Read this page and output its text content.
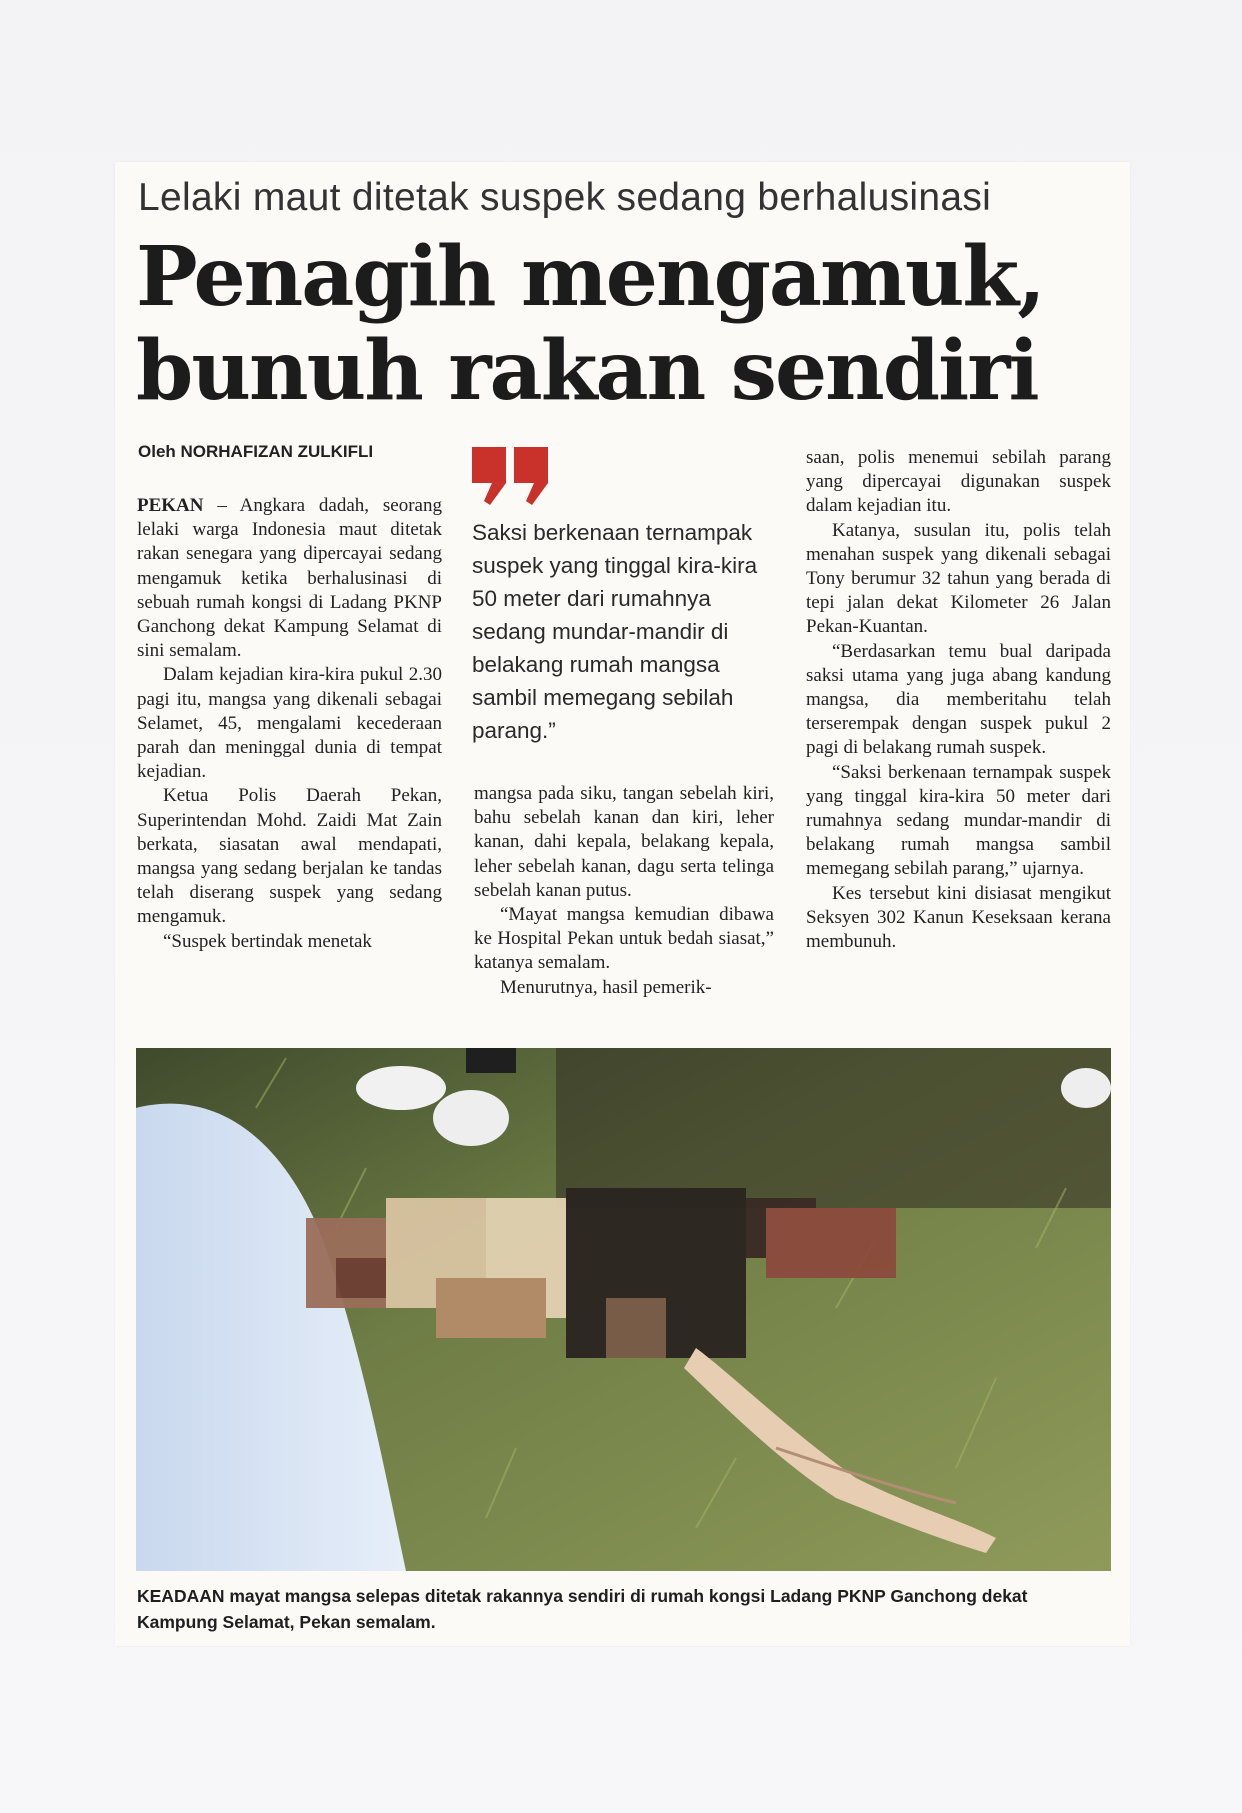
Lelaki maut ditetak suspek sedang berhalusinasi
Penagih mengamuk,
bunuh rakan sendiri
Oleh NORHAFIZAN ZULKIFLI

PEKAN – Angkara dadah, seorang lelaki warga Indonesia maut ditetak rakan senegara yang dipercayai sedang mengamuk ketika berhalusinasi di sebuah rumah kongsi di Ladang PKNP Ganchong dekat Kampung Selamat di sini semalam.

Dalam kejadian kira-kira pukul 2.30 pagi itu, mangsa yang dikenali sebagai Selamet, 45, mengalami kecederaan parah dan meninggal dunia di tempat kejadian.

Ketua Polis Daerah Pekan, Superintendan Mohd. Zaidi Mat Zain berkata, siasatan awal mendapati, mangsa yang sedang berjalan ke tandas telah diserang suspek yang sedang mengamuk.

“Suspek bertindak menetak

Saksi berkenaan ternampak suspek yang tinggal kira-kira 50 meter dari rumahnya sedang mundar-mandir di belakang rumah mangsa sambil memegang sebilah parang.”

mangsa pada siku, tangan sebelah kiri, bahu sebelah kanan dan kiri, leher kanan, dahi kepala, belakang kepala, leher sebelah kanan, dagu serta telinga sebelah kanan putus.

“Mayat mangsa kemudian dibawa ke Hospital Pekan untuk bedah siasat,” katanya semalam.

Menurutnya, hasil pemerik-

saan, polis menemui sebilah parang yang dipercayai digunakan suspek dalam kejadian itu.

Katanya, susulan itu, polis telah menahan suspek yang dikenali sebagai Tony berumur 32 tahun yang berada di tepi jalan dekat Kilometer 26 Jalan Pekan-Kuantan.

“Berdasarkan temu bual daripada saksi utama yang juga abang kandung mangsa, dia memberitahu telah terserempak dengan suspek pukul 2 pagi di belakang rumah suspek.

“Saksi berkenaan ternampak suspek yang tinggal kira-kira 50 meter dari rumahnya sedang mundar-mandir di belakang rumah mangsa sambil memegang sebilah parang,” ujarnya.

Kes tersebut kini disiasat mengikut Seksyen 302 Kanun Keseksaan kerana membunuh.

KEADAAN mayat mangsa selepas ditetak rakannya sendiri di rumah kongsi Ladang PKNP Ganchong dekat Kampung Selamat, Pekan semalam.
